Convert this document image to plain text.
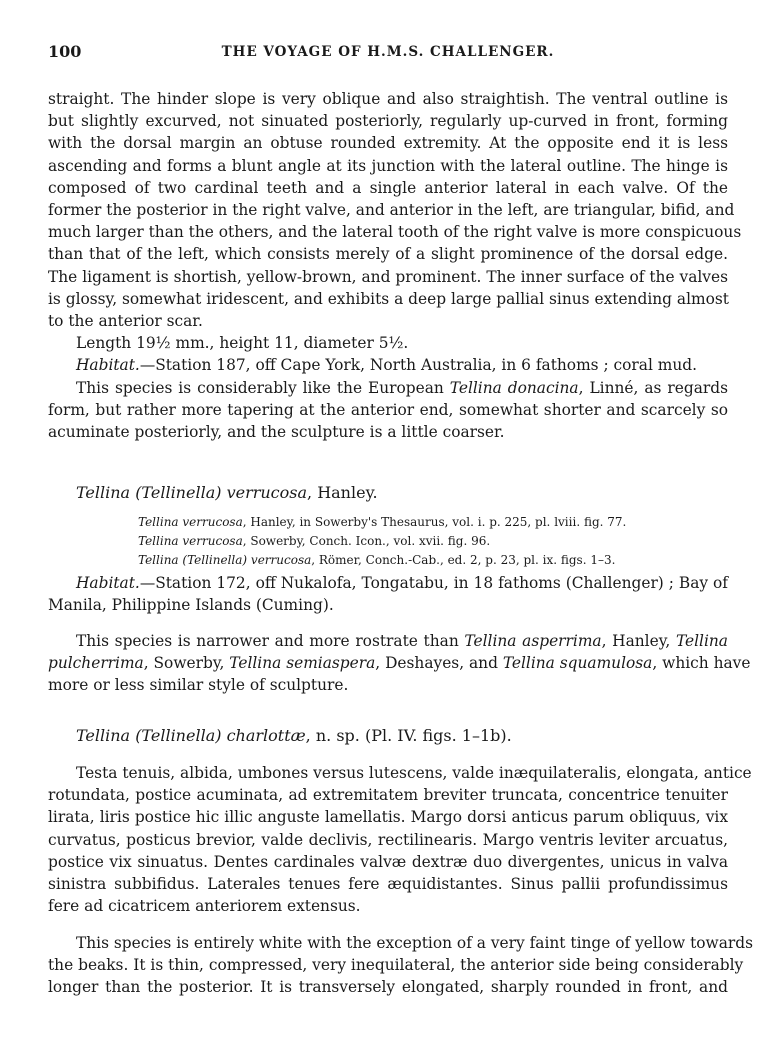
100	THE VOYAGE OF H.M.S. CHALLENGER.
straight. The hinder slope is very oblique and also straightish. The ventral outline is
but slightly excurved, not sinuated posteriorly, regularly up-curved in front, forming
with the dorsal margin an obtuse rounded extremity. At the opposite end it is less
ascending and forms a blunt angle at its junction with the lateral outline. The hinge is
composed of two cardinal teeth and a single anterior lateral in each valve. Of the
former the posterior in the right valve, and anterior in the left, are triangular, bifid, and
much larger than the others, and the lateral tooth of the right valve is more conspicuous
than that of the left, which consists merely of a slight prominence of the dorsal edge.
The ligament is shortish, yellow-brown, and prominent. The inner surface of the valves
is glossy, somewhat iridescent, and exhibits a deep large pallial sinus extending almost
to the anterior scar.
Length 19½ mm., height 11, diameter 5½.
Habitat.—Station 187, off Cape York, North Australia, in 6 fathoms ; coral mud.
This species is considerably like the European Tellina donacina, Linné, as regards
form, but rather more tapering at the anterior end, somewhat shorter and scarcely so
acuminate posteriorly, and the sculpture is a little coarser.
Tellina (Tellinella) verrucosa, Hanley.
Tellina verrucosa, Hanley, in Sowerby's Thesaurus, vol. i. p. 225, pl. lviii. fig. 77.
Tellina verrucosa, Sowerby, Conch. Icon., vol. xvii. fig. 96.
Tellina (Tellinella) verrucosa, Römer, Conch.-Cab., ed. 2, p. 23, pl. ix. figs. 1–3.
Habitat.—Station 172, off Nukalofa, Tongatabu, in 18 fathoms (Challenger) ; Bay of
Manila, Philippine Islands (Cuming).
This species is narrower and more rostrate than Tellina asperrima, Hanley, Tellina
pulcherrima, Sowerby, Tellina semiaspera, Deshayes, and Tellina squamulosa, which have
more or less similar style of sculpture.
Tellina (Tellinella) charlottæ, n. sp. (Pl. IV. figs. 1–1b).
Testa tenuis, albida, umbones versus lutescens, valde inæquilateralis, elongata, antice
rotundata, postice acuminata, ad extremitatem breviter truncata, concentrice tenuiter
lirata, liris postice hic illic anguste lamellatis. Margo dorsi anticus parum obliquus, vix
curvatus, posticus brevior, valde declivis, rectilinearis. Margo ventris leviter arcuatus,
postice vix sinuatus. Dentes cardinales valvæ dextræ duo divergentes, unicus in valva
sinistra subbifidus. Laterales tenues fere æquidistantes. Sinus pallii profundissimus
fere ad cicatricem anteriorem extensus.
This species is entirely white with the exception of a very faint tinge of yellow towards
the beaks. It is thin, compressed, very inequilateral, the anterior side being considerably
longer than the posterior. It is transversely elongated, sharply rounded in front, and
